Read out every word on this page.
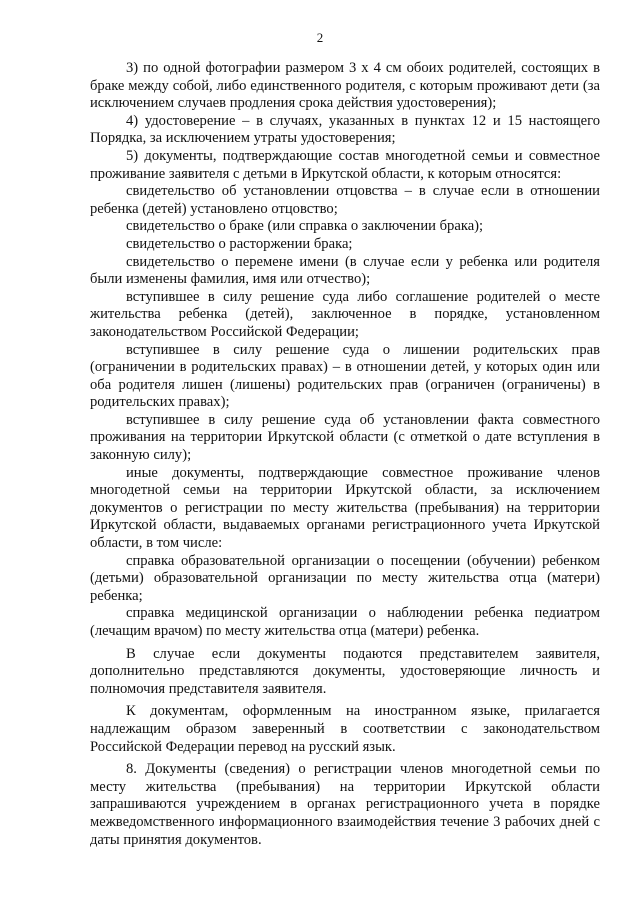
2

3) по одной фотографии размером 3 х 4 см обоих родителей, состоящих в браке между собой, либо единственного родителя, с которым проживают дети (за исключением случаев продления срока действия удостоверения);

4) удостоверение – в случаях, указанных в пунктах 12 и 15 настоящего Порядка, за исключением утраты удостоверения;

5) документы, подтверждающие состав многодетной семьи и совместное проживание заявителя с детьми в Иркутской области, к которым относятся:

свидетельство об установлении отцовства – в случае если в отношении ребенка (детей) установлено отцовство;

свидетельство о браке (или справка о заключении брака);

свидетельство о расторжении брака;

свидетельство о перемене имени (в случае если у ребенка или родителя были изменены фамилия, имя или отчество);

вступившее в силу решение суда либо соглашение родителей о месте жительства ребенка (детей), заключенное в порядке, установленном законодательством Российской Федерации;

вступившее в силу решение суда о лишении родительских прав (ограничении в родительских правах) – в отношении детей, у которых один или оба родителя лишен (лишены) родительских прав (ограничен (ограничены) в родительских правах);

вступившее в силу решение суда об установлении факта совместного проживания на территории Иркутской области (с отметкой о дате вступления в законную силу);

иные документы, подтверждающие совместное проживание членов многодетной семьи на территории Иркутской области, за исключением документов о регистрации по месту жительства (пребывания) на территории Иркутской области, выдаваемых органами регистрационного учета Иркутской области, в том числе:

справка образовательной организации о посещении (обучении) ребенком (детьми) образовательной организации по месту жительства отца (матери) ребенка;

справка медицинской организации о наблюдении ребенка педиатром (лечащим врачом) по месту жительства отца (матери) ребенка.

В случае если документы подаются представителем заявителя, дополнительно представляются документы, удостоверяющие личность и полномочия представителя заявителя.

К документам, оформленным на иностранном языке, прилагается надлежащим образом заверенный в соответствии с законодательством Российской Федерации перевод на русский язык.

8. Документы (сведения) о регистрации членов многодетной семьи по месту жительства (пребывания) на территории Иркутской области запрашиваются учреждением в органах регистрационного учета в порядке межведомственного информационного взаимодействия течение 3 рабочих дней с даты принятия документов.
